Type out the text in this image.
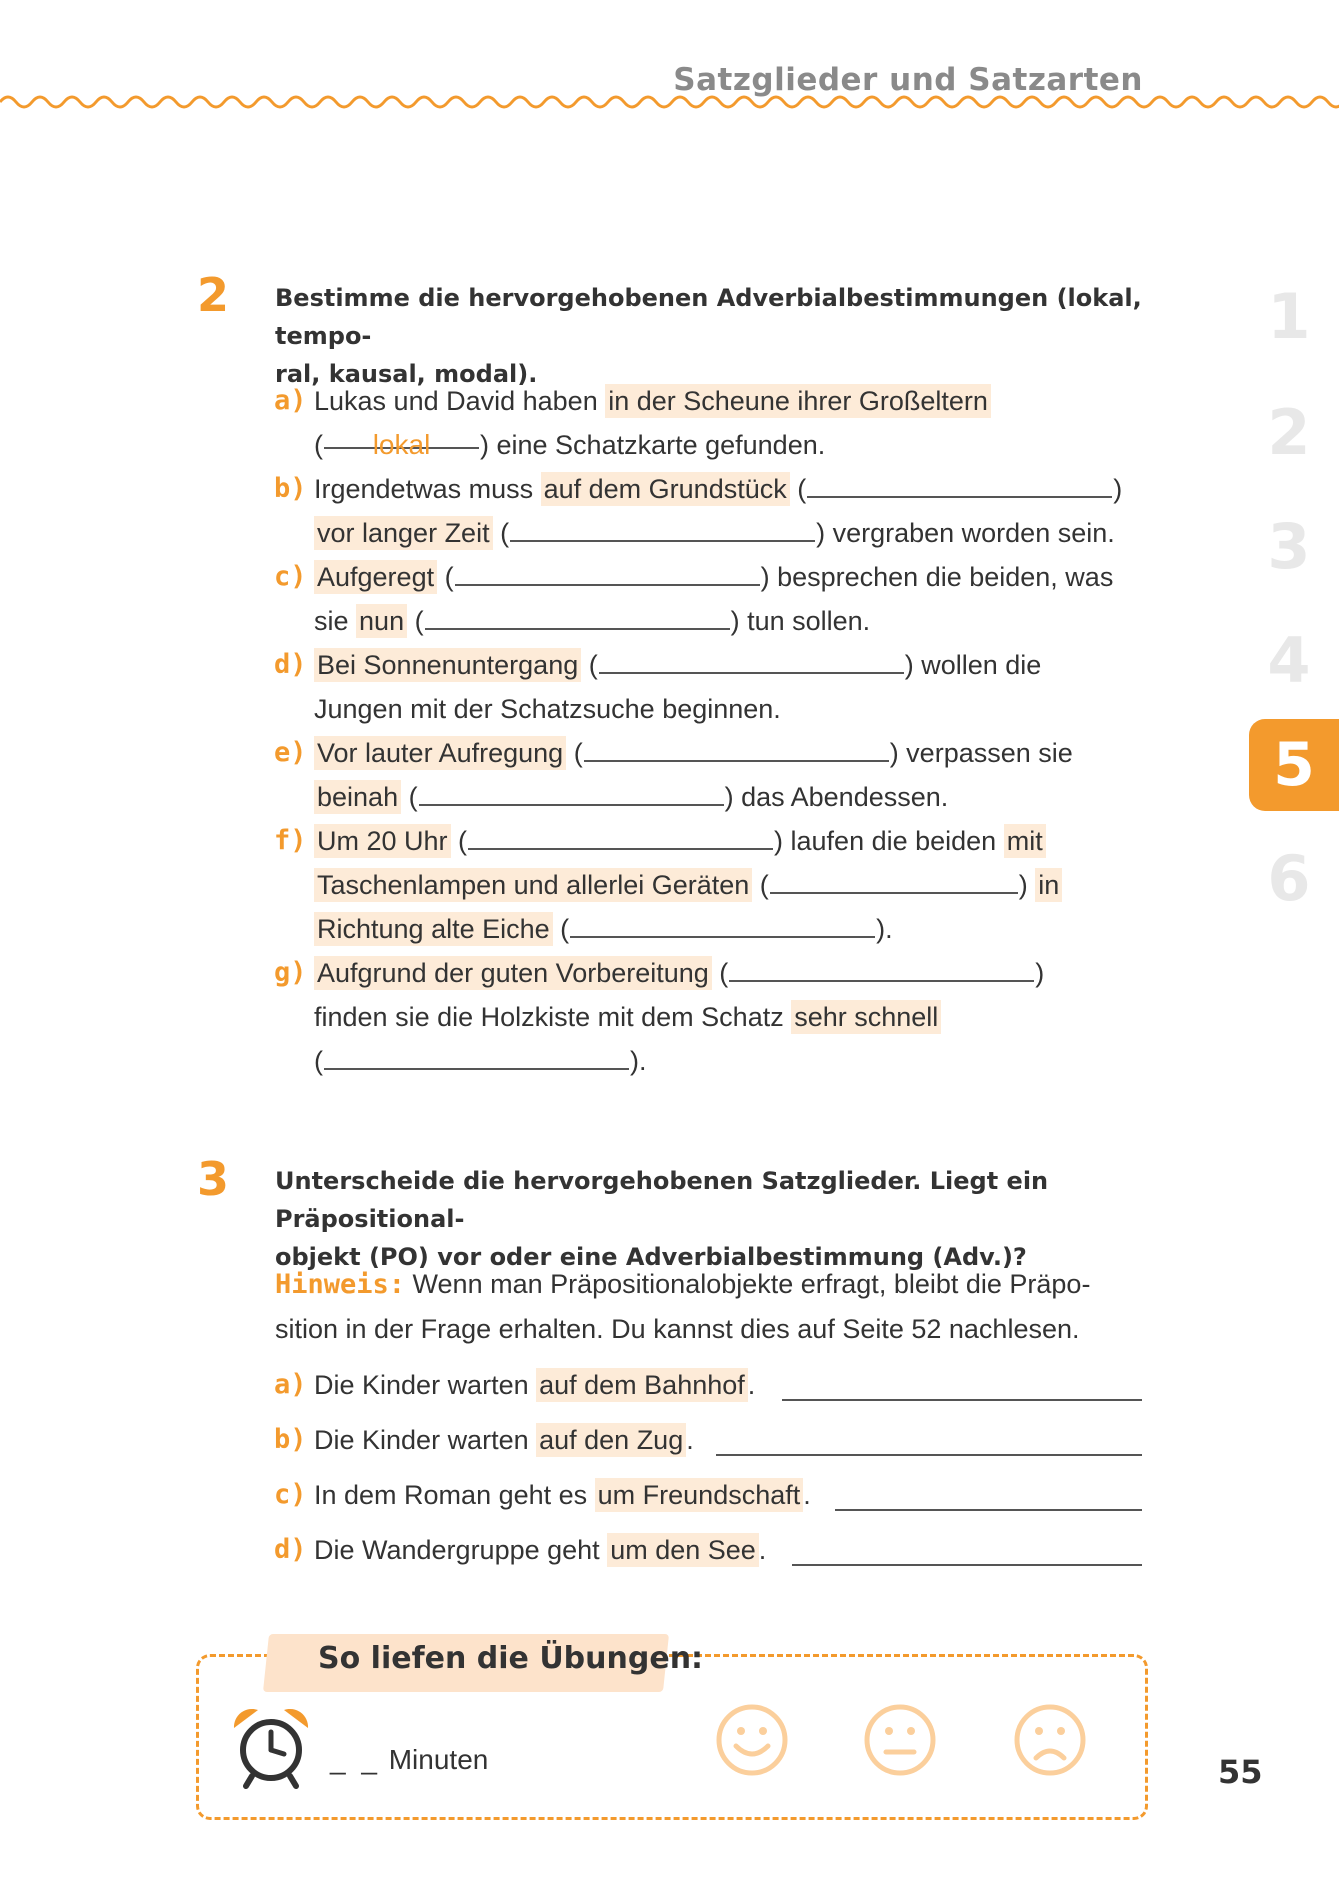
Satzglieder und Satzarten
1
2
3
4
5
6
2 Bestimme die hervorgehobenen Adverbialbestimmungen (lokal, tempo-
ral, kausal, modal).
a) Lukas und David haben in der Scheune ihrer Großeltern
( lokal ) eine Schatzkarte gefunden.
b) Irgendetwas muss auf dem Grundstück (	)
vor langer Zeit (	) vergraben worden sein.
c) Aufgeregt (	) besprechen die beiden, was
sie nun (	) tun sollen.
d) Bei Sonnenuntergang (	) wollen die
Jungen mit der Schatzsuche beginnen.
e) Vor lauter Aufregung (	) verpassen sie
beinah (	) das Abendessen.
f) Um 20 Uhr (	) laufen die beiden mit
Taschenlampen und allerlei Geräten (	) in
Richtung alte Eiche (	).
g) Aufgrund der guten Vorbereitung (	)
finden sie die Holzkiste mit dem Schatz sehr schnell
(	).
3 Unterscheide die hervorgehobenen Satzglieder. Liegt ein Präpositional-
objekt (PO) vor oder eine Adverbialbestimmung (Adv.)?
Hinweis: Wenn man Präpositionalobjekte erfragt, bleibt die Präpo-
sition in der Frage erhalten. Du kannst dies auf Seite 52 nachlesen.
a) Die Kinder warten auf dem Bahnhof .
b) Die Kinder warten auf den Zug .
c) In dem Roman geht es um Freundschaft .
d) Die Wandergruppe geht um den See .
So liefen die Übungen:
_ _ Minuten	55
